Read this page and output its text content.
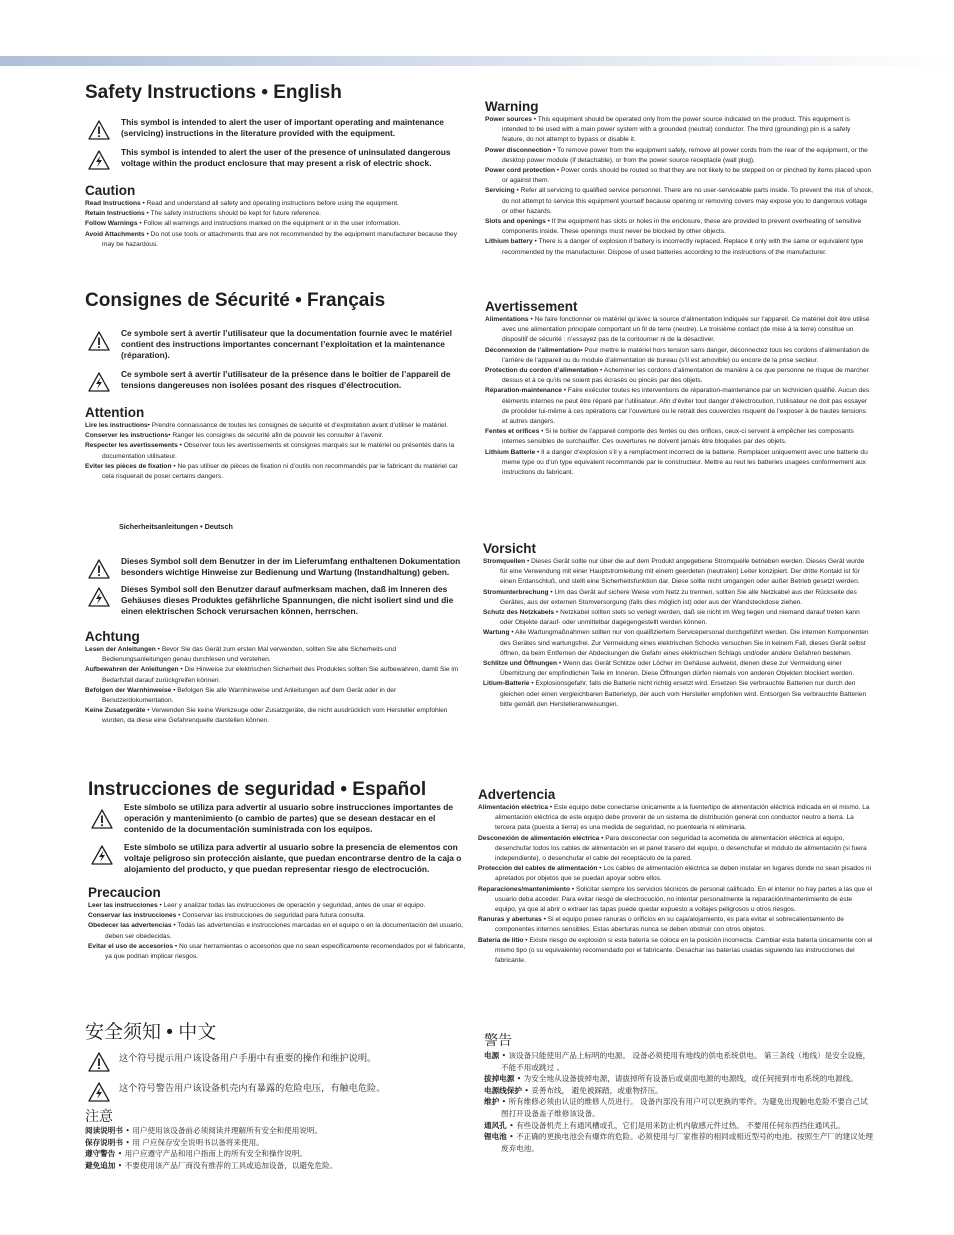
Safety Instructions • English
This symbol is intended to alert the user of important operating and maintenance (servicing) instructions in the literature provided with the equipment.
This symbol is intended to alert the user of the presence of uninsulated dangerous voltage within the product enclosure that may present a risk of electric shock.
Caution
Read Instructions • Read and understand all safety and operating instructions before using the equipment.
Retain Instructions • The safety instructions should be kept for future reference.
Follow Warnings • Follow all warnings and instructions marked on the equipment or in the user information.
Avoid Attachments • Do not use tools or attachments that are not recommended by the equipment manufacturer because they may be hazardous.
Warning
Power sources • This equipment should be operated only from the power source indicated on the product. This equipment is intended to be used with a main power system with a grounded (neutral) conductor. The third (grounding) pin is a safety feature, do not attempt to bypass or disable it.
Power disconnection • To remove power from the equipment safely, remove all power cords from the rear of the equipment, or the desktop power module (if detachable), or from the power source receptacle (wall plug).
Power cord protection • Power cords should be routed so that they are not likely to be stepped on or pinched by items placed upon or against them.
Servicing • Refer all servicing to qualified service personnel. There are no user-serviceable parts inside. To prevent the risk of shock, do not attempt to service this equipment yourself because opening or removing covers may expose you to dangerous voltage or other hazards.
Slots and openings • If the equipment has slots or holes in the enclosure, these are provided to prevent overheating of sensitive components inside. These openings must never be blocked by other objects.
Lithium battery • There is a danger of explosion if battery is incorrectly replaced. Replace it only with the same or equivalent type recommended by the manufacturer. Dispose of used batteries according to the instructions of the manufacturer.
Consignes de Sécurité • Français
Ce symbole sert à avertir l’utilisateur que la documentation fournie avec le matériel contient des instructions importantes concernant l’exploitation et la maintenance (réparation).
Ce symbole sert à avertir l’utilisateur de la présence dans le boîtier de l’appareil de tensions dangereuses non isolées posant des risques d’électrocution.
Attention
Lire les instructions• Prendre connaissance de toutes les consignes de sécurité et d’exploitation avant d’utiliser le matériel.
Conserver les instructions• Ranger les consignes de sécurité afin de pouvoir les consulter à l’avenir.
Respecter les avertissements • Observer tous les avertissements et consignes marqués sur le matériel ou présentés dans la documentation utilisateur.
Eviter les pièces de fixation • Ne pas utiliser de pièces de fixation ni d’outils non recommandés par le fabricant du matériel car cela risquerait de poser certains dangers.
Avertissement
Alimentations • Ne faire fonctionner ce matériel qu’avec la source d’alimentation indiquée sur l’appareil. Ce matériel doit être utilisé avec une alimentation principale comportant un fil de terre (neutre). Le troisième contact (de mise à la terre) constitue un dispositif de sécurité : n’essayez pas de la contourner ni de la désactiver.
Déconnexion de l’alimentation• Pour mettre le matériel hors tension sans danger, déconnectez tous les cordons d’alimentation de l’arrière de l’appareil ou du module d’alimentation de bureau (s’il est amovible) ou encore de la prise secteur.
Protection du cordon d’alimentation • Acheminer les cordons d’alimentation de manière à ce que personne ne risque de marcher dessus et à ce qu’ils ne soient pas écrasés ou pincés par des objets.
Réparation-maintenance • Faire exécuter toutes les interventions de réparation-maintenance par un technicien qualifié. Aucun des éléments internes ne peut être réparé par l’utilisateur. Afin d’éviter tout danger d’électrocution, l’utilisateur ne doit pas essayer de procéder lui-même à ces opérations car l’ouverture ou le retrait des couvercles risquent de l’exposer à de hautes tensions et autres dangers.
Fentes et orifices • Si le boîtier de l’appareil comporte des fentes ou des orifices, ceux-ci servent à empêcher les composants internes sensibles de surchauffer. Ces ouvertures ne doivent jamais être bloquées par des objets.
Lithium Batterie • Il a danger d’explosion s’il y a remplacment incorrect de la batterie. Remplacer uniquement avec une batterie du meme type ou d’un type equivalent recommande par le constructeur. Mettre au reut les batteries usagees conformement aux instructions du fabricant.
Sicherheitsanleitungen • Deutsch
Dieses Symbol soll dem Benutzer in der im Lieferumfang enthaltenen Dokumentation besonders wichtige Hinweise zur Bedienung und Wartung (Instandhaltung) geben.
Dieses Symbol soll den Benutzer darauf aufmerksam machen, daß im Inneren des Gehäuses dieses Produktes gefährliche Spannungen, die nicht isoliert sind und die einen elektrischen Schock verursachen können, herrschen.
Achtung
Lesen der Anleitungen • Bevor Sie das Gerät zum ersten Mal verwenden, sollten Sie alle Sicherheits-und Bedienungsanleitungen genau durchlesen und verstehen.
Aufbewahren der Anleitungen • Die Hinweise zur elektrischen Sicherheit des Produktes sollten Sie aufbewahren, damit Sie im Bedarfsfall darauf zurückgreifen können.
Befolgen der Warnhinweise • Befolgen Sie alle Warnhinweise und Anleitungen auf dem Gerät oder in der Benutzerdokumentation.
Keine Zusatzgeräte • Verwenden Sie keine Werkzeuge oder Zusatzgeräte, die nicht ausdrücklich vom Hersteller empfohlen wurden, da diese eine Gefahrenquelle darstellen können.
Vorsicht
Stromquellen • Dieses Gerät sollte nur über die auf dem Produkt angegebene Stromquelle betrieben werden. Dieses Gerät wurde für eine Verwendung mit einer Hauptstromleitung mit einem geerdeten (neutralen) Leiter konzipiert. Der dritte Kontakt ist für einen Erdanschluß, und stellt eine Sicherheitsfunktion dar. Diese sollte nicht umgangen oder außer Betrieb gesetzt werden.
Stromunterbrechung • Um das Gerät auf sichere Weise vom Netz zu trennen, sollten Sie alle Netzkabel aus der Rückseite des Gerätes, aus der externen Stomversorgung (falls dies möglich ist) oder aus der Wandsteckdose ziehen.
Schutz des Netzkabels • Netzkabel sollten stets so verlegt werden, daß sie nicht im Weg liegen und niemand darauf treten kann oder Objekte darauf- oder unmittelbar dagegengestellt werden können.
Wartung • Alle Wartungmaßnahmen sollten nur von qualifiziertem Servicepersonal durchgeführt werden. Die internen Komponenten des Gerätes sind wartungsfrei. Zur Vermeidung eines elektrischen Schocks versuchen Sie in keinem Fall, dieses Gerät selbst öffnen, da beim Entfernen der Abdeckungen die Gefahr eines elektrischen Schlags und/oder andere Gefahren bestehen.
Schlitze und Öffnungen • Wenn das Gerät Schlitze oder Löcher im Gehäuse aufweist, dienen diese zur Vermeidung einer Überhitzung der empfindlichen Teile im Inneren. Diese Öffnungen dürfen niemals von anderen Objekten blockiert werden.
Litium-Batterie • Explosionsgefahr, falls die Batterie nicht richtig ersetzt wird. Ersetzen Sie verbrauchte Batterien nur durch den gleichen oder einen vergleichbaren Batterietyp, der auch vom Hersteller empfohlen wird. Entsorgen Sie verbrauchte Batterien bitte gemäß den Herstelleranweisungen.
Instrucciones de seguridad • Español
Este símbolo se utiliza para advertir al usuario sobre instrucciones importantes de operación y mantenimiento (o cambio de partes) que se desean destacar en el contenido de la documentación suministrada con los equipos.
Este símbolo se utiliza para advertir al usuario sobre la presencia de elementos con voltaje peligroso sin protección aislante, que puedan encontrarse dentro de la caja o alojamiento del producto, y que puedan representar riesgo de electrocución.
Precaucion
Leer las instrucciones • Leer y analizar todas las instrucciones de operación y seguridad, antes de usar el equipo.
Conservar las instrucciones • Conservar las instrucciones de seguridad para futura consulta.
Obedecer las advertencias • Todas las advertencias e instrucciones marcadas en el equipo o en la documentación del usuario, deben ser obedecidas.
Evitar el uso de accesorios • No usar herramientas o accesorios que no sean especificamente recomendados por el fabricante, ya que podrian implicar riesgos.
Advertencia
Alimentación eléctrica • Este equipo debe conectarse únicamente a la fuente/tipo de alimentación eléctrica indicada en el mismo. La alimentación eléctrica de este equipo debe provenir de un sistema de distribución general con conductor neutro a tierra. La tercera pata (puesta a tierra) es una medida de seguridad, no puentearia ni eliminaria.
Desconexión de alimentación eléctrica • Para desconectar con seguridad la acometida de alimentación eléctrica al equipo, desenchufar todos los cables de alimentación en el panel trasero del equipo, o desenchufar el módulo de alimentación (si fuera independiente), o desenchufar el cable del receptáculo de la pared.
Protección del cables de alimentación • Los cables de alimentación eléctrica se deben instalar en lugares donde no sean pisados ni apretados por objetos que se puedan apoyar sobre ellos.
Reparaciones/mantenimiento • Solicitar siempre los servicios técnicos de personal calificado. En el interior no hay partes a las que el usuario deba acceder. Para evitar riesgo de electrocución, no intentar personalmente la reparación/mantenimiento de este equipo, ya que al abrir o extraer las tapas puede quedar expuesto a voltajes peligrosos u otros riesgos.
Ranuras y aberturas • Si el equipo posee ranuras o orificios en su caja/alojamiento, es para evitar el sobrecalientamiento de componentes internos sensibles. Estas aberturas nunca se deben obstruir con otros objetos.
Batería de litio • Existe riesgo de explosión si esta batería se coloca en la posición incorrecta. Cambiar esta batería únicamente con el mismo tipo (o su equivalente) recomendado por el fabricante. Desachar las baterías usadas siguiendo las instrucciones del fabricante.
安全须知 • 中文
这个符号提示用户该设备用户手册中有重要的操作和维护说明。
这个符号警告用户该设备机壳内有暴露的危险电压，有触电危险。
注意
阅读说明书 • 用户使用该设备前必须阅读并理解所有安全和使用说明。
保存说明书 • 用 户应保存安全说明书以备将来使用。
遵守警告 • 用户应遵守产品和用户指南上的所有安全和操作说明。
避免追加 • 不要使用该产品厂商没有推荐的工具或追加设备，以避免危险。
警告
电源 • 该设备只能使用产品上标明的电源。 设备必须使用有地线的供电系统供电。 第三条线（地线）是安全设施，不能不用或跳过 。
拔掉电源 • 为安全地从设备拔掉电源，请拔掉所有设备后或桌面电源的电源线，或任何接到市电系统的电源线。
电源线保护 • 妥善布线， 避免被踩踏，或重物挤压。
维护 • 所有维修必须由认证的维修人员进行。 设备内部没有用户可以更换的零件。为避免出现触电危险不要自己试图打开设备盖子维修该设备。
通风孔 • 有些设备机壳上有通风槽或孔，它们是用来防止机内敏感元件过热。 不要用任何东西挡住通风孔。
锂电池 • 不正确的更换电池会有爆炸的危险。必须使用与厂家推荐的相同或相近型号的电池。按照生产厂的建议处理废弃电池。
